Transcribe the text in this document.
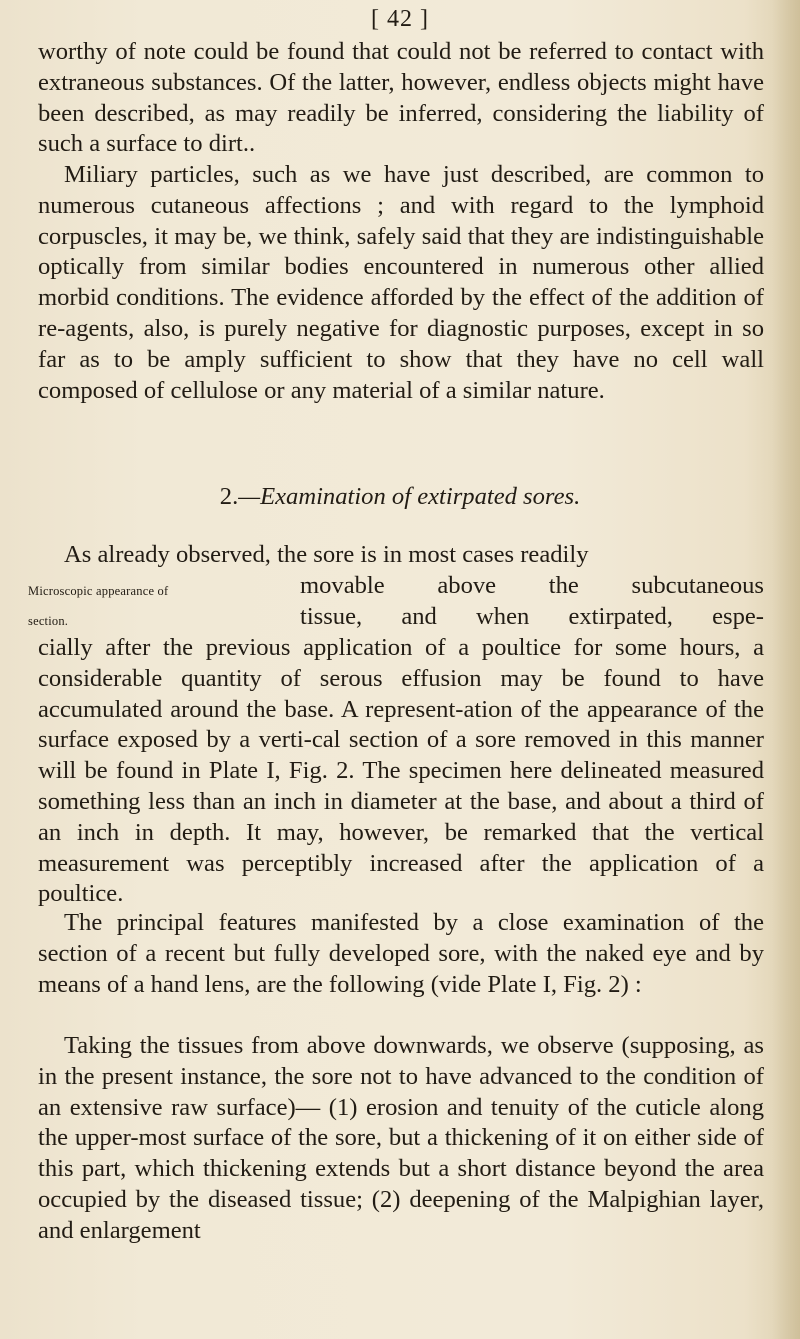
[ 42 ]

worthy of note could be found that could not be referred to contact with extraneous substances. Of the latter, however, endless objects might have been described, as may readily be inferred, considering the liability of such a surface to dirt..

Miliary particles, such as we have just described, are common to numerous cutaneous affections ; and with regard to the lymphoid corpuscles, it may be, we think, safely said that they are indistinguishable optically from similar bodies encountered in numerous other allied morbid conditions. The evidence afforded by the effect of the addition of re-agents, also, is purely negative for diagnostic purposes, except in so far as to be amply sufficient to show that they have no cell wall composed of cellulose or any material of a similar nature.

2.—Examination of extirpated sores.

As already observed, the sore is in most cases readily

Microscopic appearance of
section.
movable above the subcutaneous
tissue, and when extirpated, espe-

cially after the previous application of a poultice for some hours, a considerable quantity of serous effusion may be found to have accumulated around the base. A represent-ation of the appearance of the surface exposed by a verti-cal section of a sore removed in this manner will be found in Plate I, Fig. 2. The specimen here delineated measured something less than an inch in diameter at the base, and about a third of an inch in depth. It may, however, be remarked that the vertical measurement was perceptibly increased after the application of a poultice.

The principal features manifested by a close examination of the section of a recent but fully developed sore, with the naked eye and by means of a hand lens, are the following (vide Plate I, Fig. 2) :

Taking the tissues from above downwards, we observe (supposing, as in the present instance, the sore not to have advanced to the condition of an extensive raw surface)— (1) erosion and tenuity of the cuticle along the upper-most surface of the sore, but a thickening of it on either side of this part, which thickening extends but a short distance beyond the area occupied by the diseased tissue; (2) deepening of the Malpighian layer, and enlargement
